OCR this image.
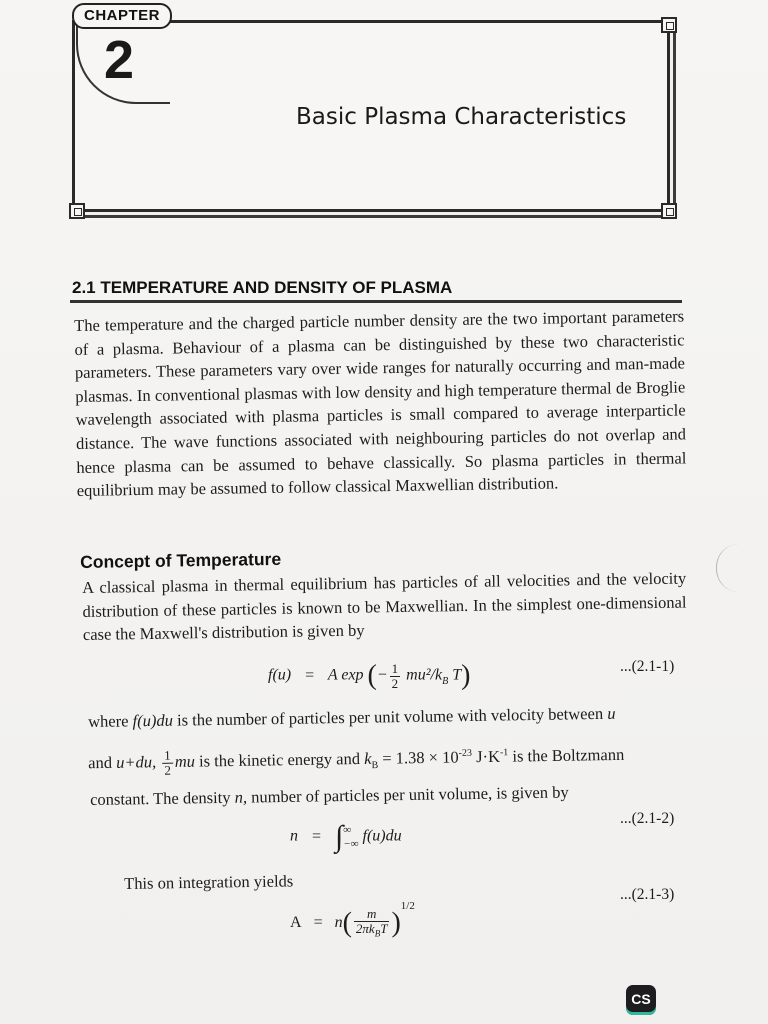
CHAPTER
2
Basic Plasma Characteristics
2.1 TEMPERATURE AND DENSITY OF PLASMA
The temperature and the charged particle number density are the two important parameters of a plasma. Behaviour of a plasma can be distinguished by these two characteristic parameters. These parameters vary over wide ranges for naturally occurring and man-made plasmas. In conventional plasmas with low density and high temperature thermal de Broglie wavelength associated with plasma particles is small compared to average interparticle distance. The wave functions associated with neighbouring particles do not overlap and hence plasma can be assumed to behave classically. So plasma particles in thermal equilibrium may be assumed to follow classical Maxwellian distribution.
Concept of Temperature
A classical plasma in thermal equilibrium has particles of all velocities and the velocity distribution of these particles is known to be Maxwellian. In the simplest one-dimensional case the Maxwell's distribution is given by
f(u) = A exp (− $\frac{1}{2} mu^2/k_B$ T)	...(2.1-1)
where f(u)du is the number of particles per unit volume with velocity between u
and u+du, $\frac{1}{2}$ mu is the kinetic energy and $k_B = 1.38 \times 10^{-23}$ $J\cdot K^{-1}$ is the Boltzmann
constant. The density n, number of particles per unit volume, is given by
n = ∫ ∞
−∞ f(u)du
...(2.1-2)
This on integration yields
$A = n( \frac{m}{2\pi k_BT} )^{1/2}$
...(2.1-3)
CS
